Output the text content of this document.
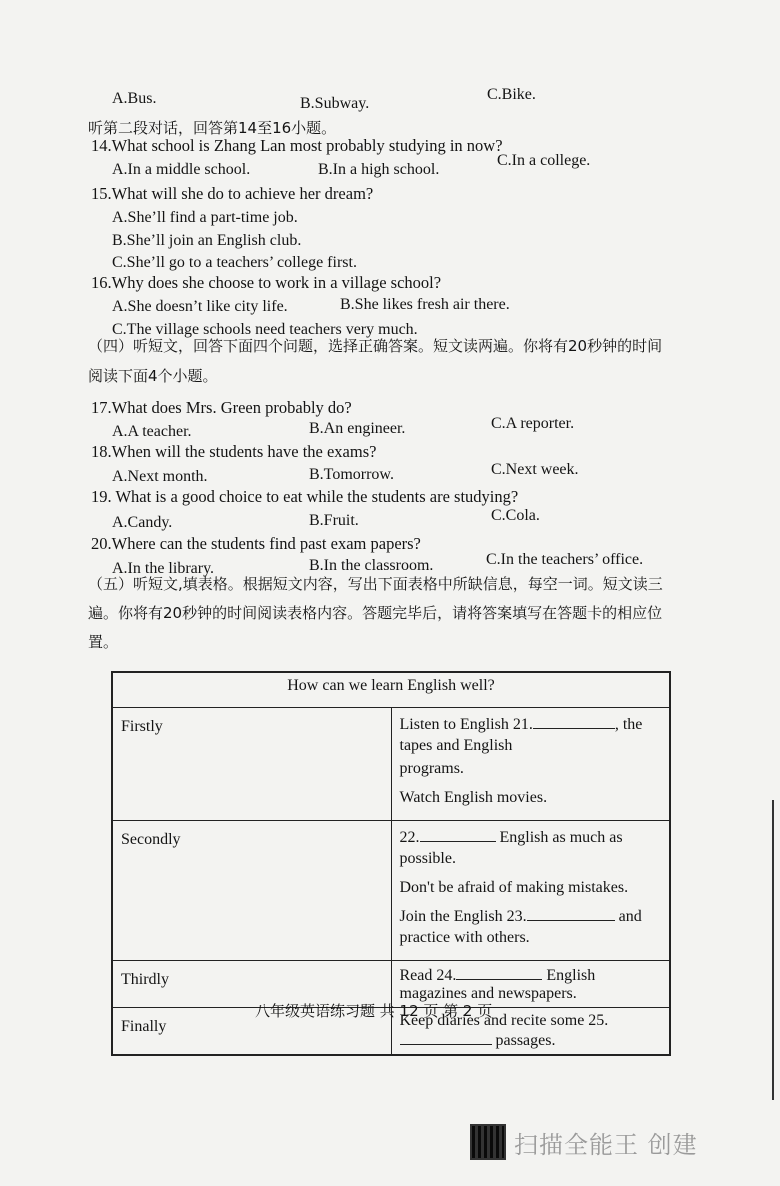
A.Bus.	B.Subway.
C.Bike.
听第二段对话，回答第14至16小题。
14.What school is Zhang Lan most probably studying in now?
A.In a middle school.	B.In a high school.
C.In a college.
15.What will she do to achieve her dream?
A.She’ll find a part-time job.
B.She’ll join an English club.
C.She’ll go to a teachers’ college first.
16.Why does she choose to work in a village school?
A.She doesn’t like city life.	B.She likes fresh air there.
C.The village schools need teachers very much.
（四）听短文，回答下面四个问题，选择正确答案。短文读两遍。你将有20秒钟的时间
阅读下面4个小题。
17.What does Mrs. Green probably do?
A.A teacher.	B.An engineer.	C.A reporter.
18.When will the students have the exams?
A.Next month.	B.Tomorrow.	C.Next week.
19. What is a good choice to eat while the students are studying?
A.Candy.	B.Fruit.	C.Cola.
20.Where can the students find past exam papers?
A.In the library.	B.In the classroom.	C.In the teachers’ office.
（五）听短文,填表格。根据短文内容，写出下面表格中所缺信息，每空一词。短文读三
遍。你将有20秒钟的时间阅读表格内容。答题完毕后，请将答案填写在答题卡的相应位
置。
How can we learn English well?	
Firstly	Listen to English 21. , the tapes and English
programs.
Watch English movies.

Secondly	22. English as much as possible.
Don't be afraid of making mistakes.
Join the English 23. and practice with others.

Thirdly	Read 24. English magazines and newspapers.
Finally	Keep diaries and recite some 25. passages.
八年级英语练习题 共 12 页 第 2 页
扫描全能王 创建
